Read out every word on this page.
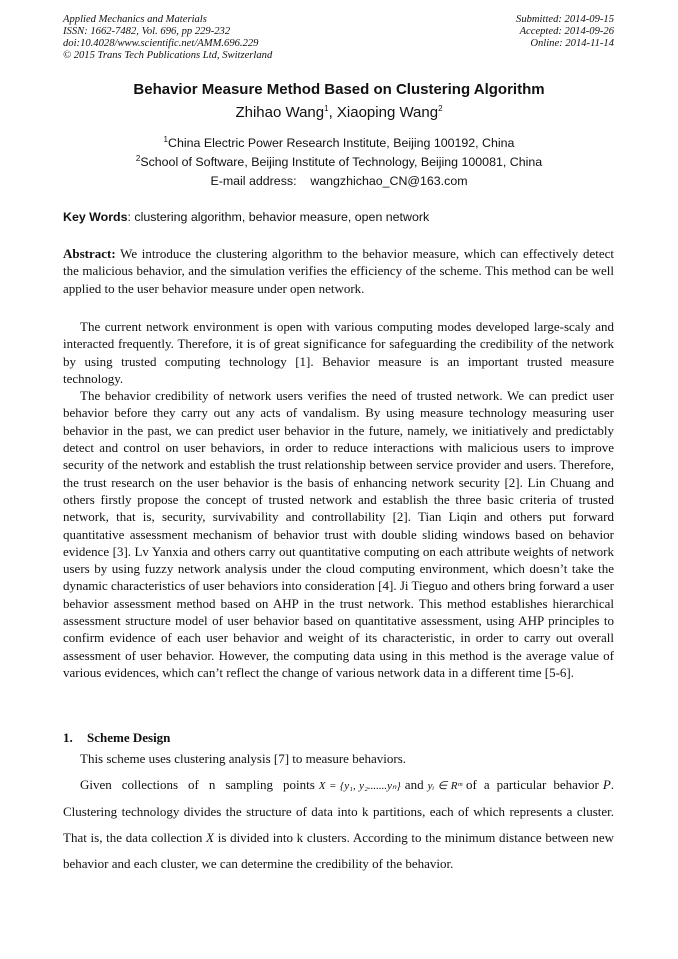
Applied Mechanics and Materials
ISSN: 1662-7482, Vol. 696, pp 229-232
doi:10.4028/www.scientific.net/AMM.696.229
© 2015 Trans Tech Publications Ltd, Switzerland
Submitted: 2014-09-15
Accepted: 2014-09-26
Online: 2014-11-14
Behavior Measure Method Based on Clustering Algorithm
Zhihao Wang$^1$, Xiaoping Wang$^2$
$^1$China Electric Power Research Institute, Beijing 100192, China
$^2$School of Software, Beijing Institute of Technology, Beijing 100081, China
E-mail address: wangzhichao_CN@163.com
Key Words: clustering algorithm, behavior measure, open network

Abstract: We introduce the clustering algorithm to the behavior measure, which can effectively detect the malicious behavior, and the simulation verifies the efficiency of the scheme. This method can be well applied to the user behavior measure under open network.

The current network environment is open with various computing modes developed large-scaly and interacted frequently. Therefore, it is of great significance for safeguarding the credibility of the network by using trusted computing technology [1]. Behavior measure is an important trusted measure technology.

The behavior credibility of network users verifies the need of trusted network. We can predict user behavior before they carry out any acts of vandalism. By using measure technology measuring user behavior in the past, we can predict user behavior in the future, namely, we initiatively and predictably detect and control on user behaviors, in order to reduce interactions with malicious users to improve security of the network and establish the trust relationship between service provider and users. Therefore, the trust research on the user behavior is the basis of enhancing network security [2]. Lin Chuang and others firstly propose the concept of trusted network and establish the three basic criteria of trusted network, that is, security, survivability and controllability [2]. Tian Liqin and others put forward quantitative assessment mechanism of behavior trust with double sliding windows based on behavior evidence [3]. Lv Yanxia and others carry out quantitative computing on each attribute weights of network users by using fuzzy network analysis under the cloud computing environment, which doesn’t take the dynamic characteristics of user behaviors into consideration [4]. Ji Tieguo and others bring forward a user behavior assessment method based on AHP in the trust network. This method establishes hierarchical assessment structure model of user behavior based on quantitative assessment, using AHP principles to confirm evidence of each user behavior and weight of its characteristic, in order to carry out overall assessment of user behavior. However, the computing data using in this method is the average value of various evidences, which can’t reflect the change of various network data in a different time [5-6].

1. Scheme Design

This scheme uses clustering analysis [7] to measure behaviors.

Given collections of n sampling points X = {y₁, y₂.......yₙ} and yᵢ ∈ Rᵐ of a particular behavior P. Clustering technology divides the structure of data into k partitions, each of which represents a cluster. That is, the data collection X is divided into k clusters. According to the minimum distance between new behavior and each cluster, we can determine the credibility of the behavior.
